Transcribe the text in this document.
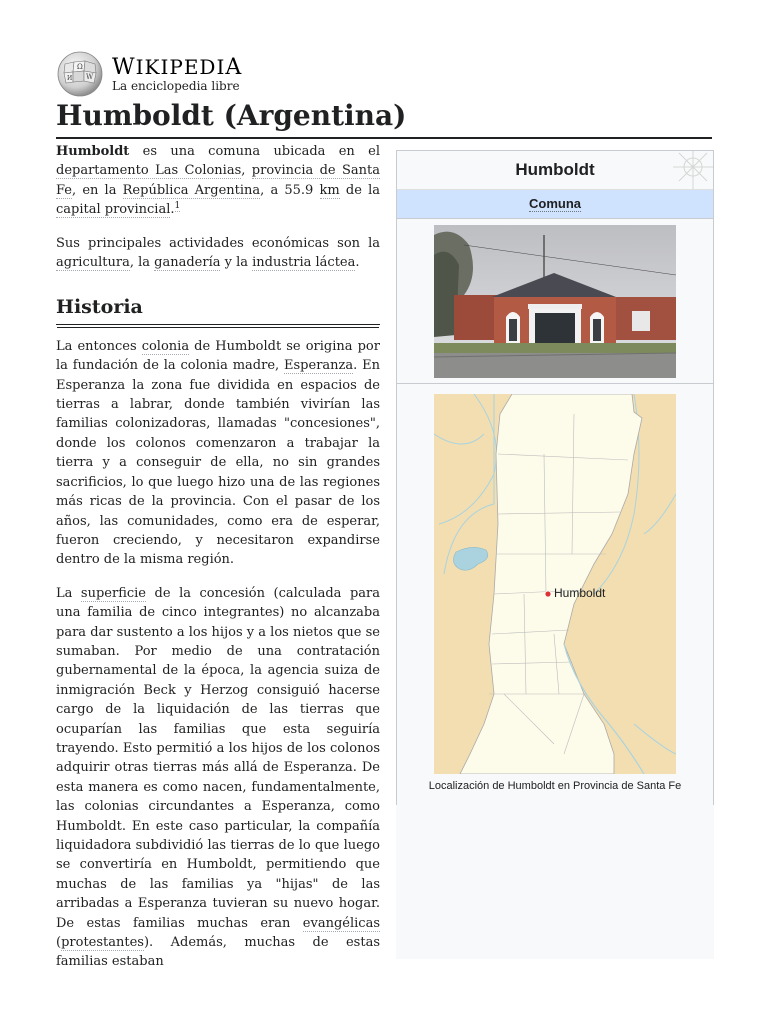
Ω
W
И WIKIPEDIA
La enciclopedia libre
Humboldt (Argentina)

Humboldt es una comuna ubicada en el departamento Las Colonias, provincia de Santa Fe, en la República Argentina, a 55.9 km de la capital provincial.$^1$

Sus principales actividades económicas son la agricultura, la ganadería y la industria láctea.

Historia

La entonces colonia de Humboldt se origina por la fundación de la colonia madre, Esperanza. En Esperanza la zona fue dividida en espacios de tierras a labrar, donde también vivirían las familias colonizadoras, llamadas "concesiones", donde los colonos comenzaron a trabajar la tierra y a conseguir de ella, no sin grandes sacrificios, lo que luego hizo una de las regiones más ricas de la provincia. Con el pasar de los años, las comunidades, como era de esperar, fueron creciendo, y necesitaron expandirse dentro de la misma región.

La superficie de la concesión (calculada para una familia de cinco integrantes) no alcanzaba para dar sustento a los hijos y a los nietos que se sumaban. Por medio de una contratación gubernamental de la época, la agencia suiza de inmigración Beck y Herzog consiguió hacerse cargo de la liquidación de las tierras que ocuparían las familias que esta seguiría trayendo. Esto permitió a los hijos de los colonos adquirir otras tierras más allá de Esperanza. De esta manera es como nacen, fundamentalmente, las colonias circundantes a Esperanza, como Humboldt. En este caso particular, la compañía liquidadora subdividió las tierras de lo que luego se convertiría en Humboldt, permitiendo que muchas de las familias ya "hijas" de las arribadas a Esperanza tuvieran su nuevo hogar. De estas familias muchas eran evangélicas (protestantes). Además, muchas de estas familias estaban

Humboldt
Comuna
Humboldt
Localización de Humboldt en Provincia de Santa Fe
